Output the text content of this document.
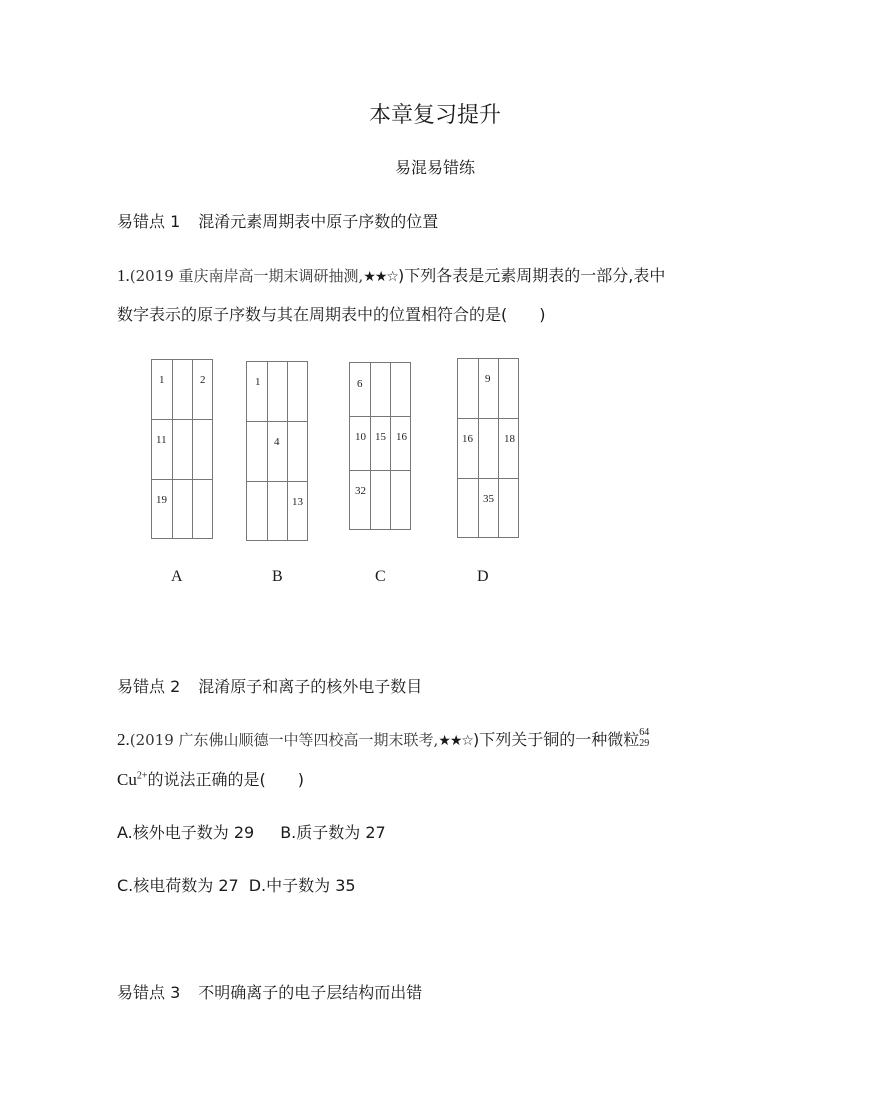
本章复习提升
易混易错练
易错点 1 混淆元素周期表中原子序数的位置
1.(2019 重庆南岸高一期末调研抽测,★★☆)下列各表是元素周期表的一部分,表中
数字表示的原子序数与其在周期表中的位置相符合的是(　　)
1	2
11
19
A
1
4
13
B
6
10 15 16
32
C
9
16	18
35
D
易错点 2 混淆原子和离子的核外电子数目
2.(2019 广东佛山顺德一中等四校高一期末联考,★★☆)下列关于铜的一种微粒 64
29
$Cu^{2+}$的说法正确的是(　　)
A.核外电子数为 29 B.质子数为 27
C.核电荷数为 27 D.中子数为 35
易错点 3 不明确离子的电子层结构而出错
